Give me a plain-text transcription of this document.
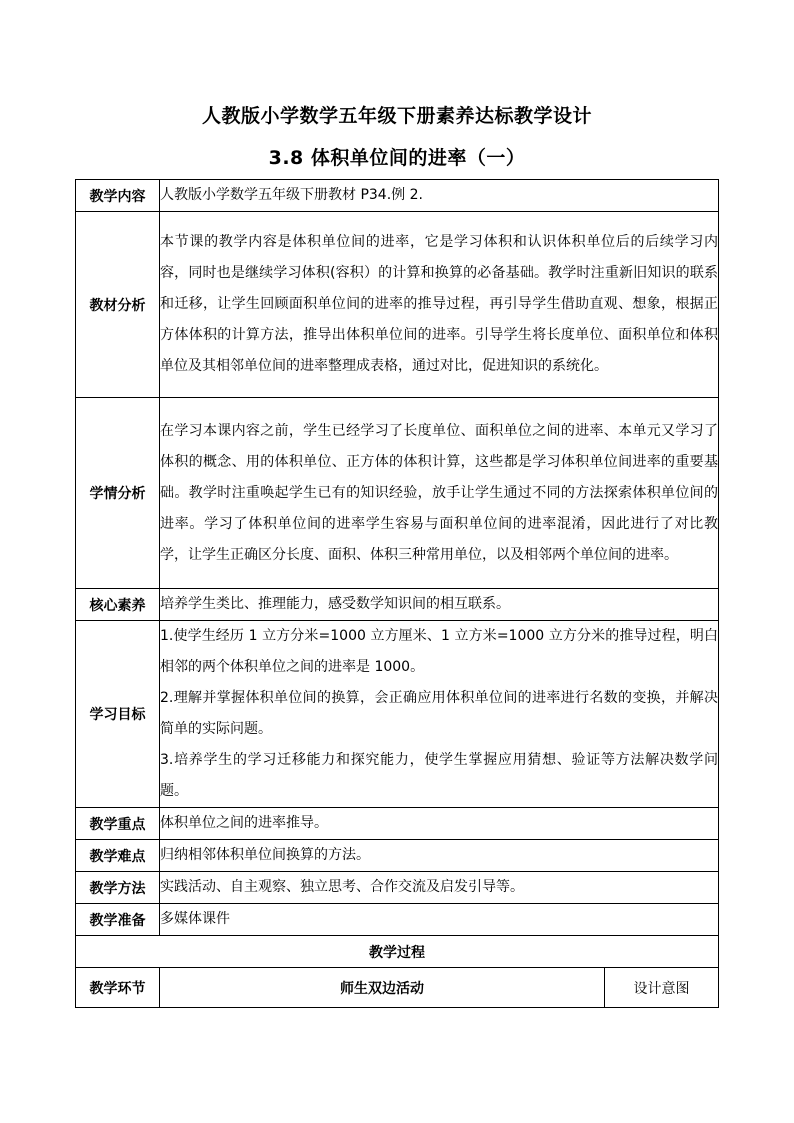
人教版小学数学五年级下册素养达标教学设计
3.8 体积单位间的进率（一）
教学内容	人教版小学数学五年级下册教材 P34.例 2.	

教材分析	本节课的教学内容是体积单位间的进率，它是学习体积和认识体积单位后的后续学习内容，同时也是继续学习体积(容积）的计算和换算的必备基础。教学时注重新旧知识的联系和迁移，让学生回顾面积单位间的进率的推导过程，再引导学生借助直观、想象，根据正方体体积的计算方法，推导出体积单位间的进率。引导学生将长度单位、面积单位和体积单位及其相邻单位间的进率整理成表格，通过对比，促进知识的系统化。	

学情分析	在学习本课内容之前，学生已经学习了长度单位、面积单位之间的进率、本单元又学习了体积的概念、用的体积单位、正方体的体积计算，这些都是学习体积单位间进率的重要基础。教学时注重唤起学生已有的知识经验，放手让学生通过不同的方法探索体积单位间的进率。学习了体积单位间的进率学生容易与面积单位间的进率混淆，因此进行了对比教学，让学生正确区分长度、面积、体积三种常用单位，以及相邻两个单位间的进率。	

核心素养	培养学生类比、推理能力，感受数学知识间的相互联系。	

学习目标	1.使学生经历 1 立方分米=1000 立方厘米、1 立方米=1000 立方分米的推导过程，明白相邻的两个体积单位之间的进率是 1000。

2.理解并掌握体积单位间的换算，会正确应用体积单位间的进率进行名数的变换，并解决简单的实际问题。

3.培养学生的学习迁移能力和探究能力，使学生掌握应用猜想、验证等方法解决数学问题。	

教学重点	体积单位之间的进率推导。	

教学难点	归纳相邻体积单位间换算的方法。	

教学方法	实践活动、自主观察、独立思考、合作交流及启发引导等。	

教学准备	多媒体课件	

教学过程		
教学环节	师生双边活动	设计意图
